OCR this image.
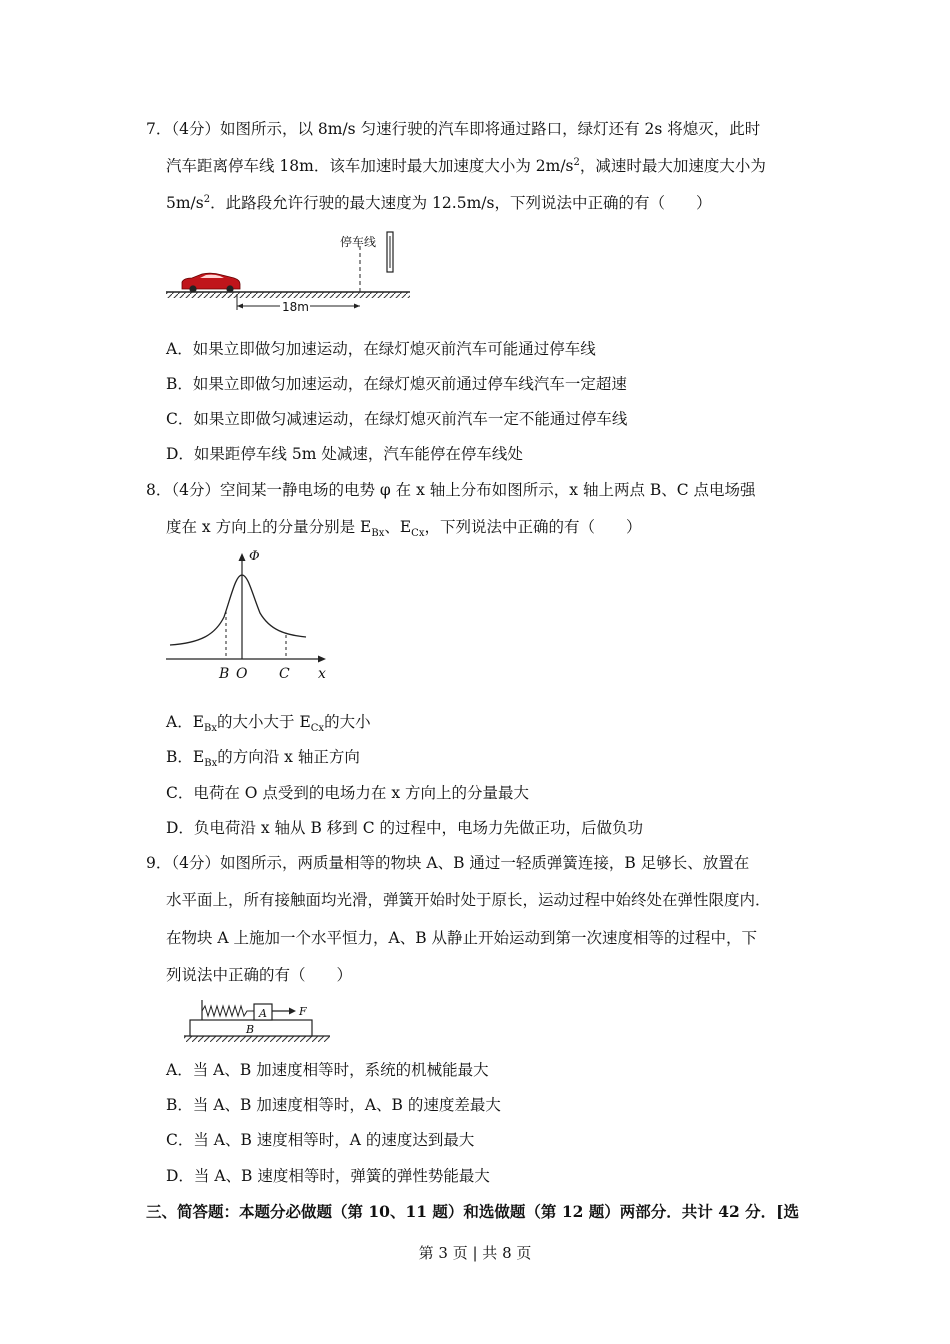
7．（4分）如图所示，以 8m/s 匀速行驶的汽车即将通过路口，绿灯还有 2s 将熄灭，此时
汽车距离停车线 18m．该车加速时最大加速度大小为 $2m/s^2$，减速时最大加速度大小为
$5m/s^2$．此路段允许行驶的最大速度为 12.5m/s，下列说法中正确的有（　　）
停车线
18m
A．如果立即做匀加速运动，在绿灯熄灭前汽车可能通过停车线
B．如果立即做匀加速运动，在绿灯熄灭前通过停车线汽车一定超速
C．如果立即做匀减速运动，在绿灯熄灭前汽车一定不能通过停车线
D．如果距停车线 5m 处减速，汽车能停在停车线处
8．（4分）空间某一静电场的电势 φ 在 x 轴上分布如图所示，x 轴上两点 B、C 点电场强
度在 x 方向上的分量分别是 $E_{Bx}$、$E_{Cx}$，下列说法中正确的有（　　）
Φ
B O C x
A．$E_{Bx}$的大小大于 $E_{Cx}$的大小
B．$E_{Bx}$的方向沿 x 轴正方向
C．电荷在 O 点受到的电场力在 x 方向上的分量最大
D．负电荷沿 x 轴从 B 移到 C 的过程中，电场力先做正功，后做负功
9．（4分）如图所示，两质量相等的物块 A、B 通过一轻质弹簧连接，B 足够长、放置在
水平面上，所有接触面均光滑，弹簧开始时处于原长，运动过程中始终处在弹性限度内．
在物块 A 上施加一个水平恒力，A、B 从静止开始运动到第一次速度相等的过程中，下
列说法中正确的有（　　）
A
B
F
A．当 A、B 加速度相等时，系统的机械能最大
B．当 A、B 加速度相等时，A、B 的速度差最大
C．当 A、B 速度相等时，A 的速度达到最大
D．当 A、B 速度相等时，弹簧的弹性势能最大
三、简答题：本题分必做题（第 10、11 题）和选做题（第 12 题）两部分．共计 42 分．[选
第 3 页 | 共 8 页
